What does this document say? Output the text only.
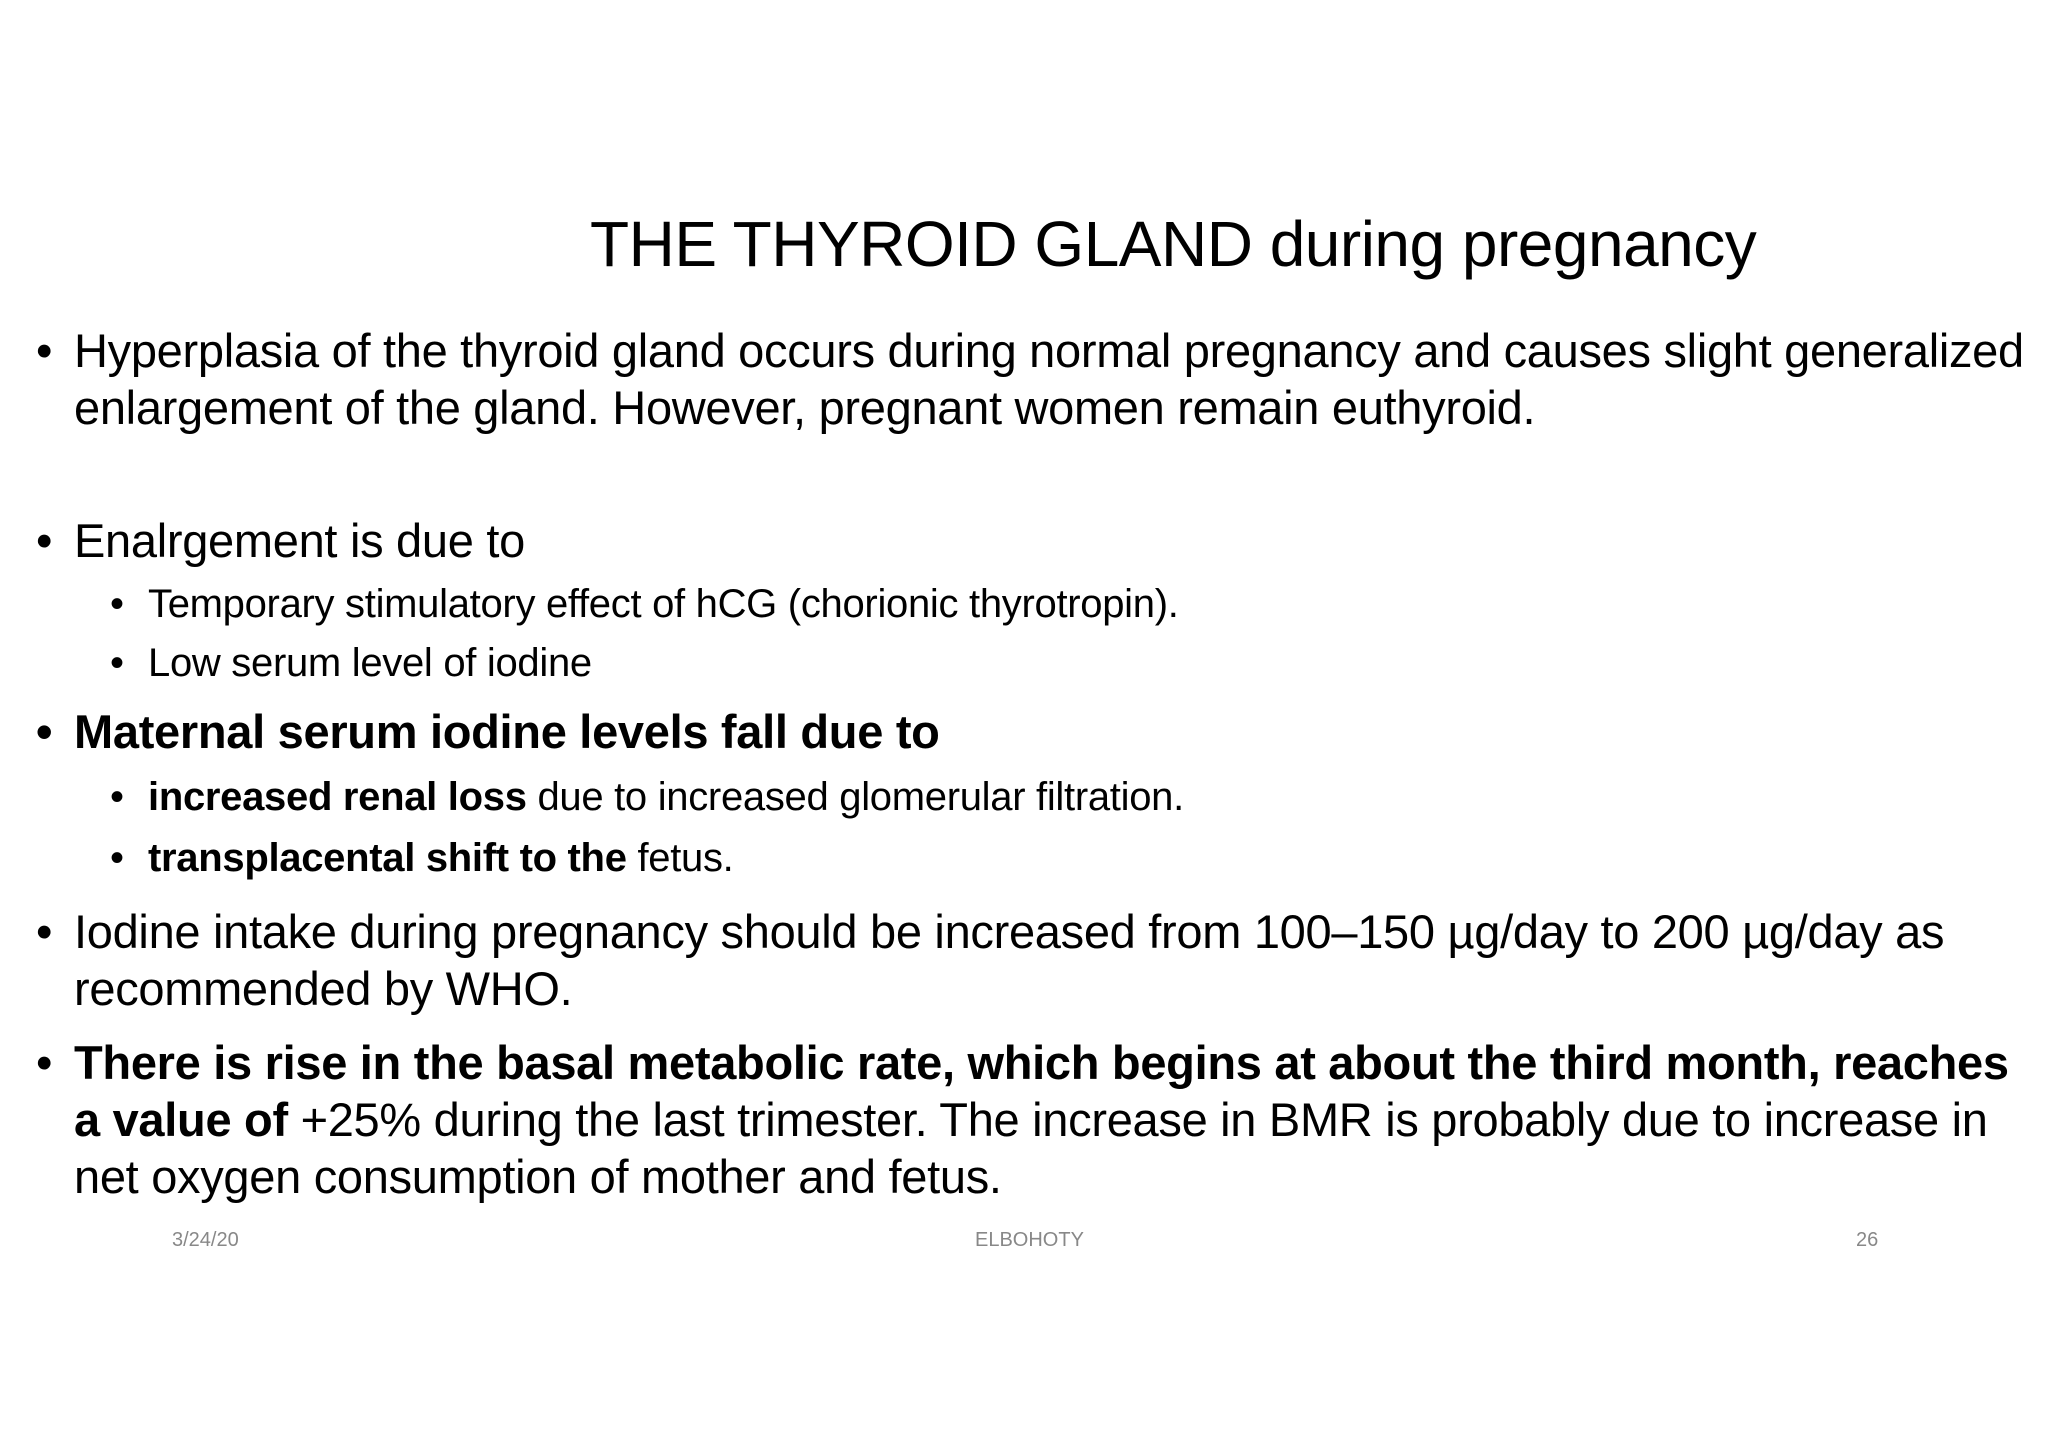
THE THYROID GLAND during pregnancy
• Hyperplasia of the thyroid gland occurs during normal pregnancy and causes slight generalized enlargement of the gland. However, pregnant women remain euthyroid.
• Enalrgement is due to
• Temporary stimulatory effect of hCG (chorionic thyrotropin).
• Low serum level of iodine
• Maternal serum iodine levels fall due to
• increased renal loss due to increased glomerular filtration.
• transplacental shift to the fetus.
• Iodine intake during pregnancy should be increased from 100–150 µg/day to 200 µg/day as recommended by WHO.
• There is rise in the basal metabolic rate, which begins at about the third month, reaches a value of +25% during the last trimester. The increase in BMR is probably due to increase in net oxygen consumption of mother and fetus.
3/24/20	ELBOHOTY	26
